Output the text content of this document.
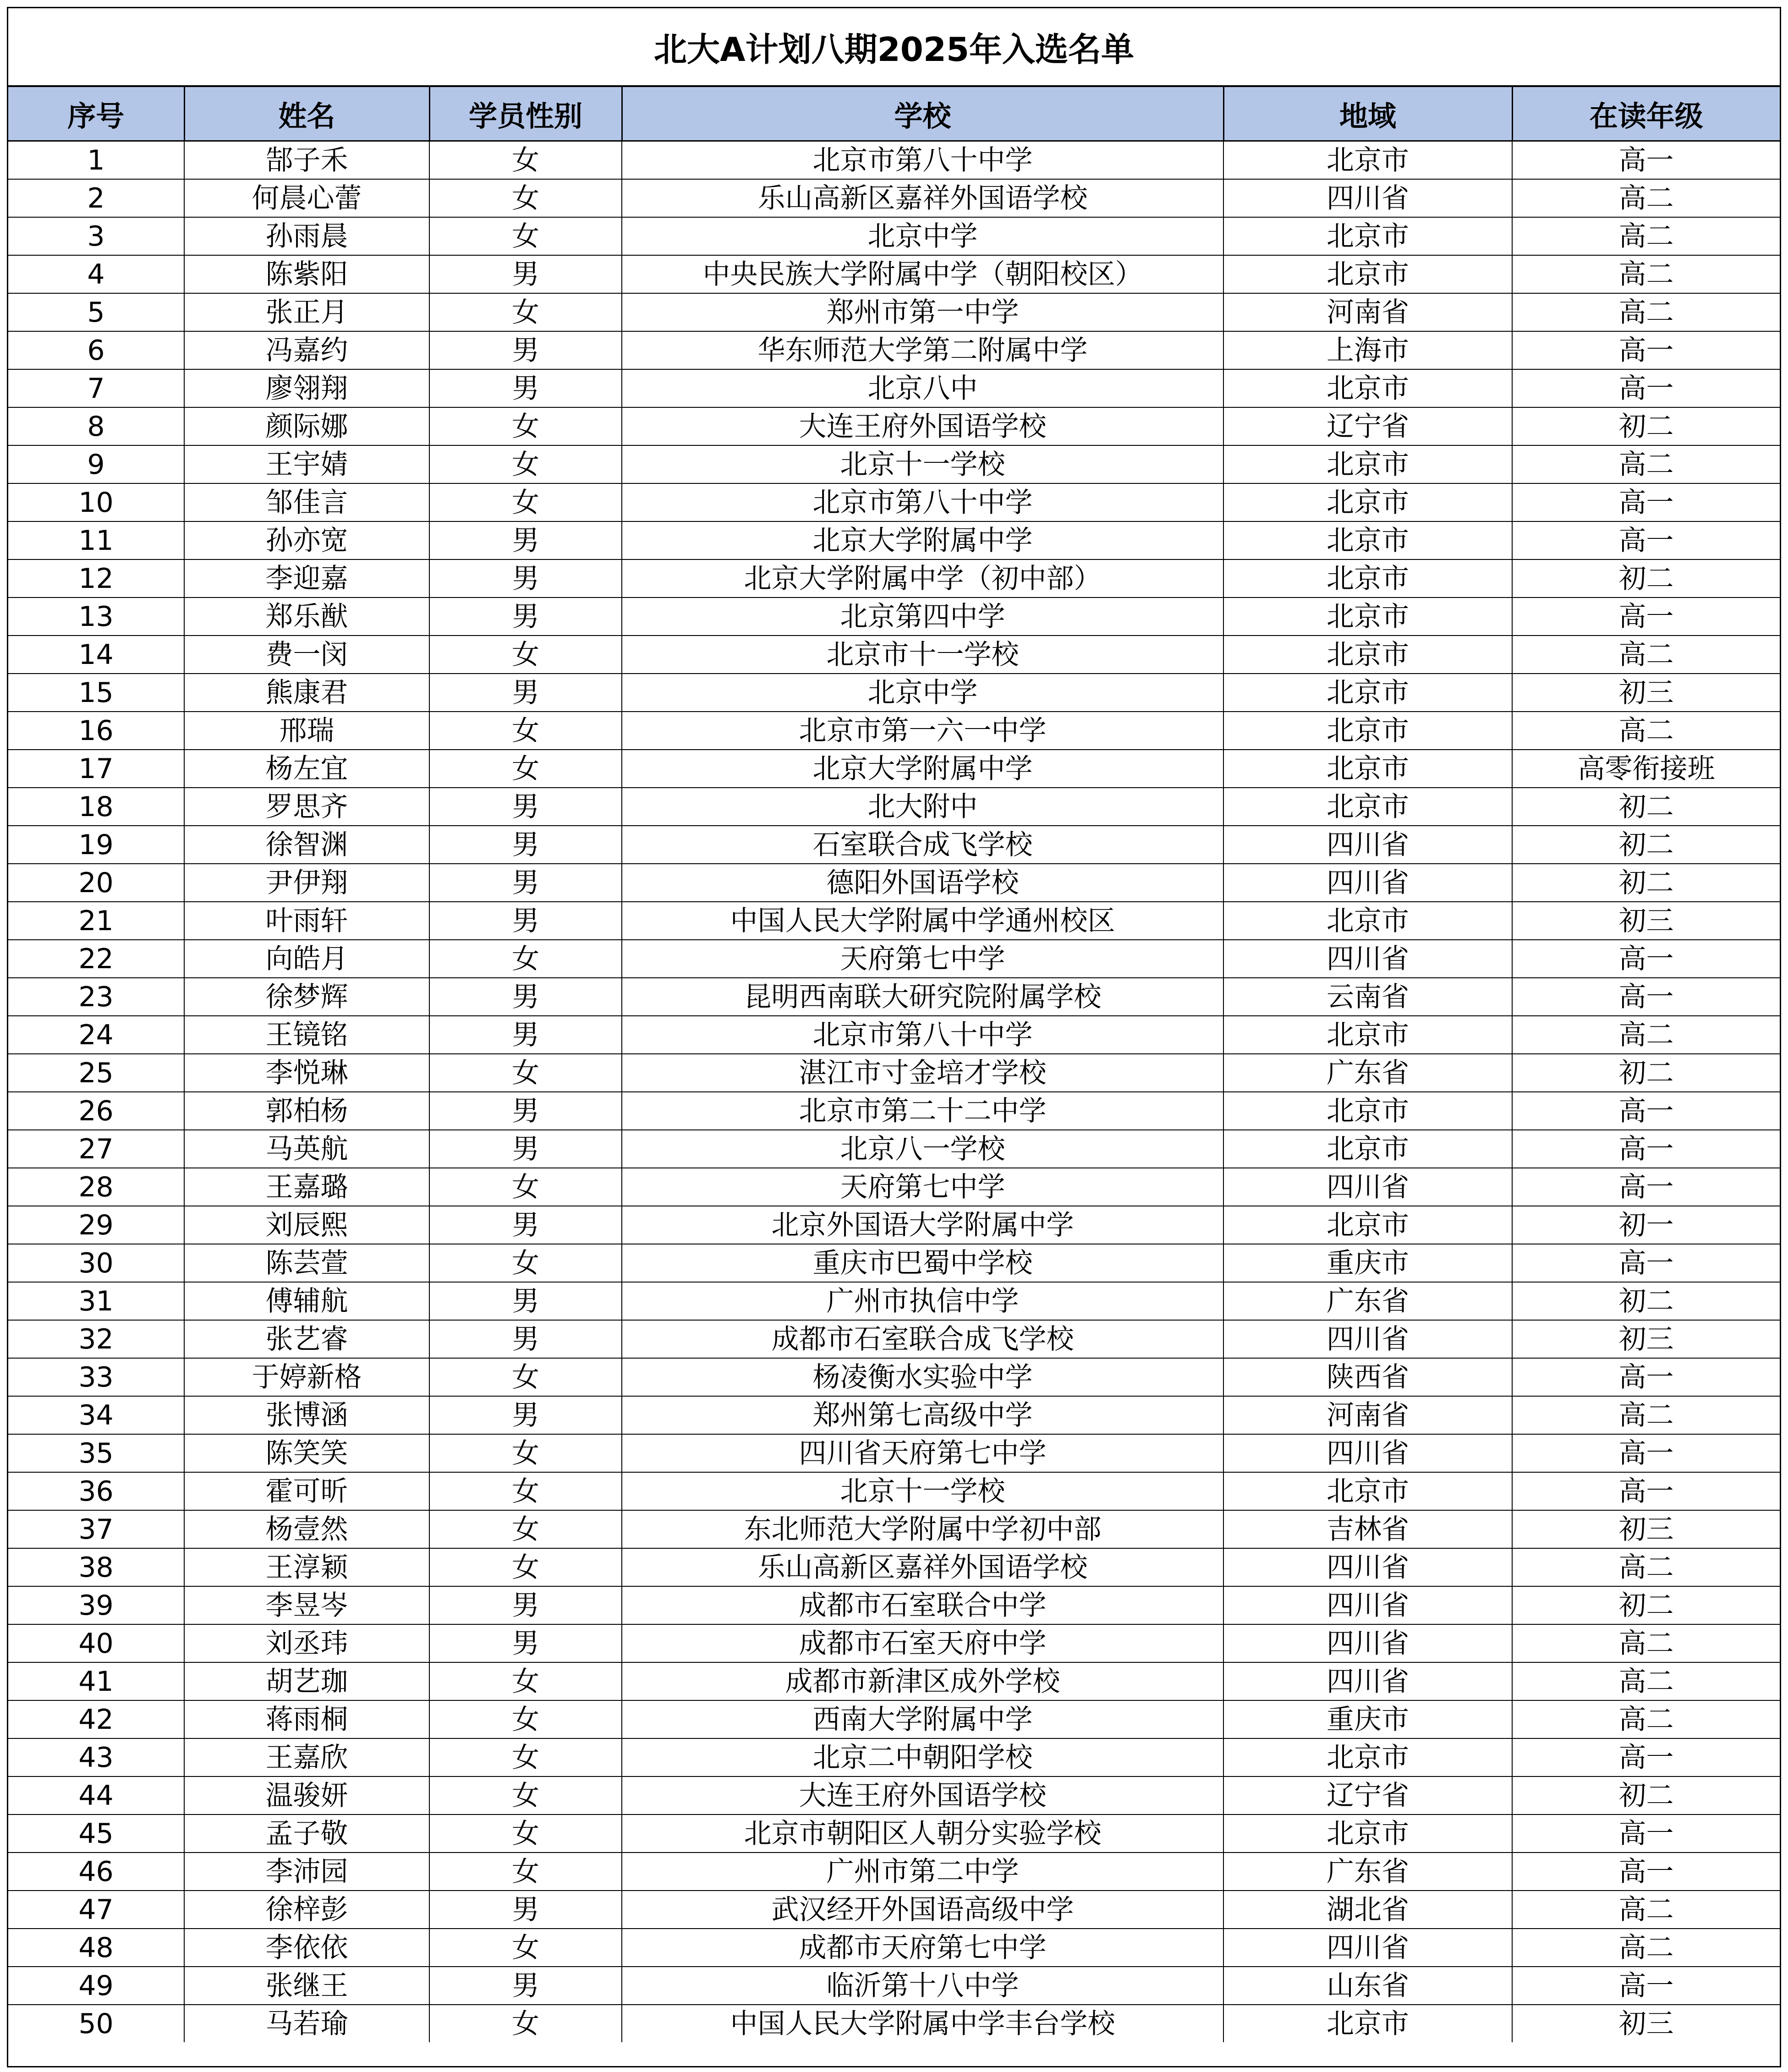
北大A计划八期2025年入选名单
序号	姓名	学员性别	学校	地域	在读年级
1	郜子禾	女	北京市第八十中学	北京市	高一
2	何晨心蕾	女	乐山高新区嘉祥外国语学校	四川省	高二
3	孙雨晨	女	北京中学	北京市	高二
4	陈紫阳	男	中央民族大学附属中学（朝阳校区）	北京市	高二
5	张正月	女	郑州市第一中学	河南省	高二
6	冯嘉约	男	华东师范大学第二附属中学	上海市	高一
7	廖翎翔	男	北京八中	北京市	高一
8	颜际娜	女	大连王府外国语学校	辽宁省	初二
9	王宇婧	女	北京十一学校	北京市	高二
10	邹佳言	女	北京市第八十中学	北京市	高一
11	孙亦宽	男	北京大学附属中学	北京市	高一
12	李迎嘉	男	北京大学附属中学（初中部）	北京市	初二
13	郑乐猷	男	北京第四中学	北京市	高一
14	费一闵	女	北京市十一学校	北京市	高二
15	熊康君	男	北京中学	北京市	初三
16	邢瑞	女	北京市第一六一中学	北京市	高二
17	杨左宜	女	北京大学附属中学	北京市	高零衔接班
18	罗思齐	男	北大附中	北京市	初二
19	徐智渊	男	石室联合成飞学校	四川省	初二
20	尹伊翔	男	德阳外国语学校	四川省	初二
21	叶雨轩	男	中国人民大学附属中学通州校区	北京市	初三
22	向皓月	女	天府第七中学	四川省	高一
23	徐梦辉	男	昆明西南联大研究院附属学校	云南省	高一
24	王镜铭	男	北京市第八十中学	北京市	高二
25	李悦琳	女	湛江市寸金培才学校	广东省	初二
26	郭柏杨	男	北京市第二十二中学	北京市	高一
27	马英航	男	北京八一学校	北京市	高一
28	王嘉璐	女	天府第七中学	四川省	高一
29	刘辰熙	男	北京外国语大学附属中学	北京市	初一
30	陈芸萱	女	重庆市巴蜀中学校	重庆市	高一
31	傅辅航	男	广州市执信中学	广东省	初二
32	张艺睿	男	成都市石室联合成飞学校	四川省	初三
33	于婷新格	女	杨凌衡水实验中学	陕西省	高一
34	张博涵	男	郑州第七高级中学	河南省	高二
35	陈笑笑	女	四川省天府第七中学	四川省	高一
36	霍可昕	女	北京十一学校	北京市	高一
37	杨壹然	女	东北师范大学附属中学初中部	吉林省	初三
38	王淳颖	女	乐山高新区嘉祥外国语学校	四川省	高二
39	李昱岑	男	成都市石室联合中学	四川省	初二
40	刘丞玮	男	成都市石室天府中学	四川省	高二
41	胡艺珈	女	成都市新津区成外学校	四川省	高二
42	蒋雨桐	女	西南大学附属中学	重庆市	高二
43	王嘉欣	女	北京二中朝阳学校	北京市	高一
44	温骏妍	女	大连王府外国语学校	辽宁省	初二
45	孟子敬	女	北京市朝阳区人朝分实验学校	北京市	高一
46	李沛园	女	广州市第二中学	广东省	高一
47	徐梓彭	男	武汉经开外国语高级中学	湖北省	高二
48	李依依	女	成都市天府第七中学	四川省	高二
49	张继王	男	临沂第十八中学	山东省	高一
50	马若瑜	女	中国人民大学附属中学丰台学校	北京市	初三
